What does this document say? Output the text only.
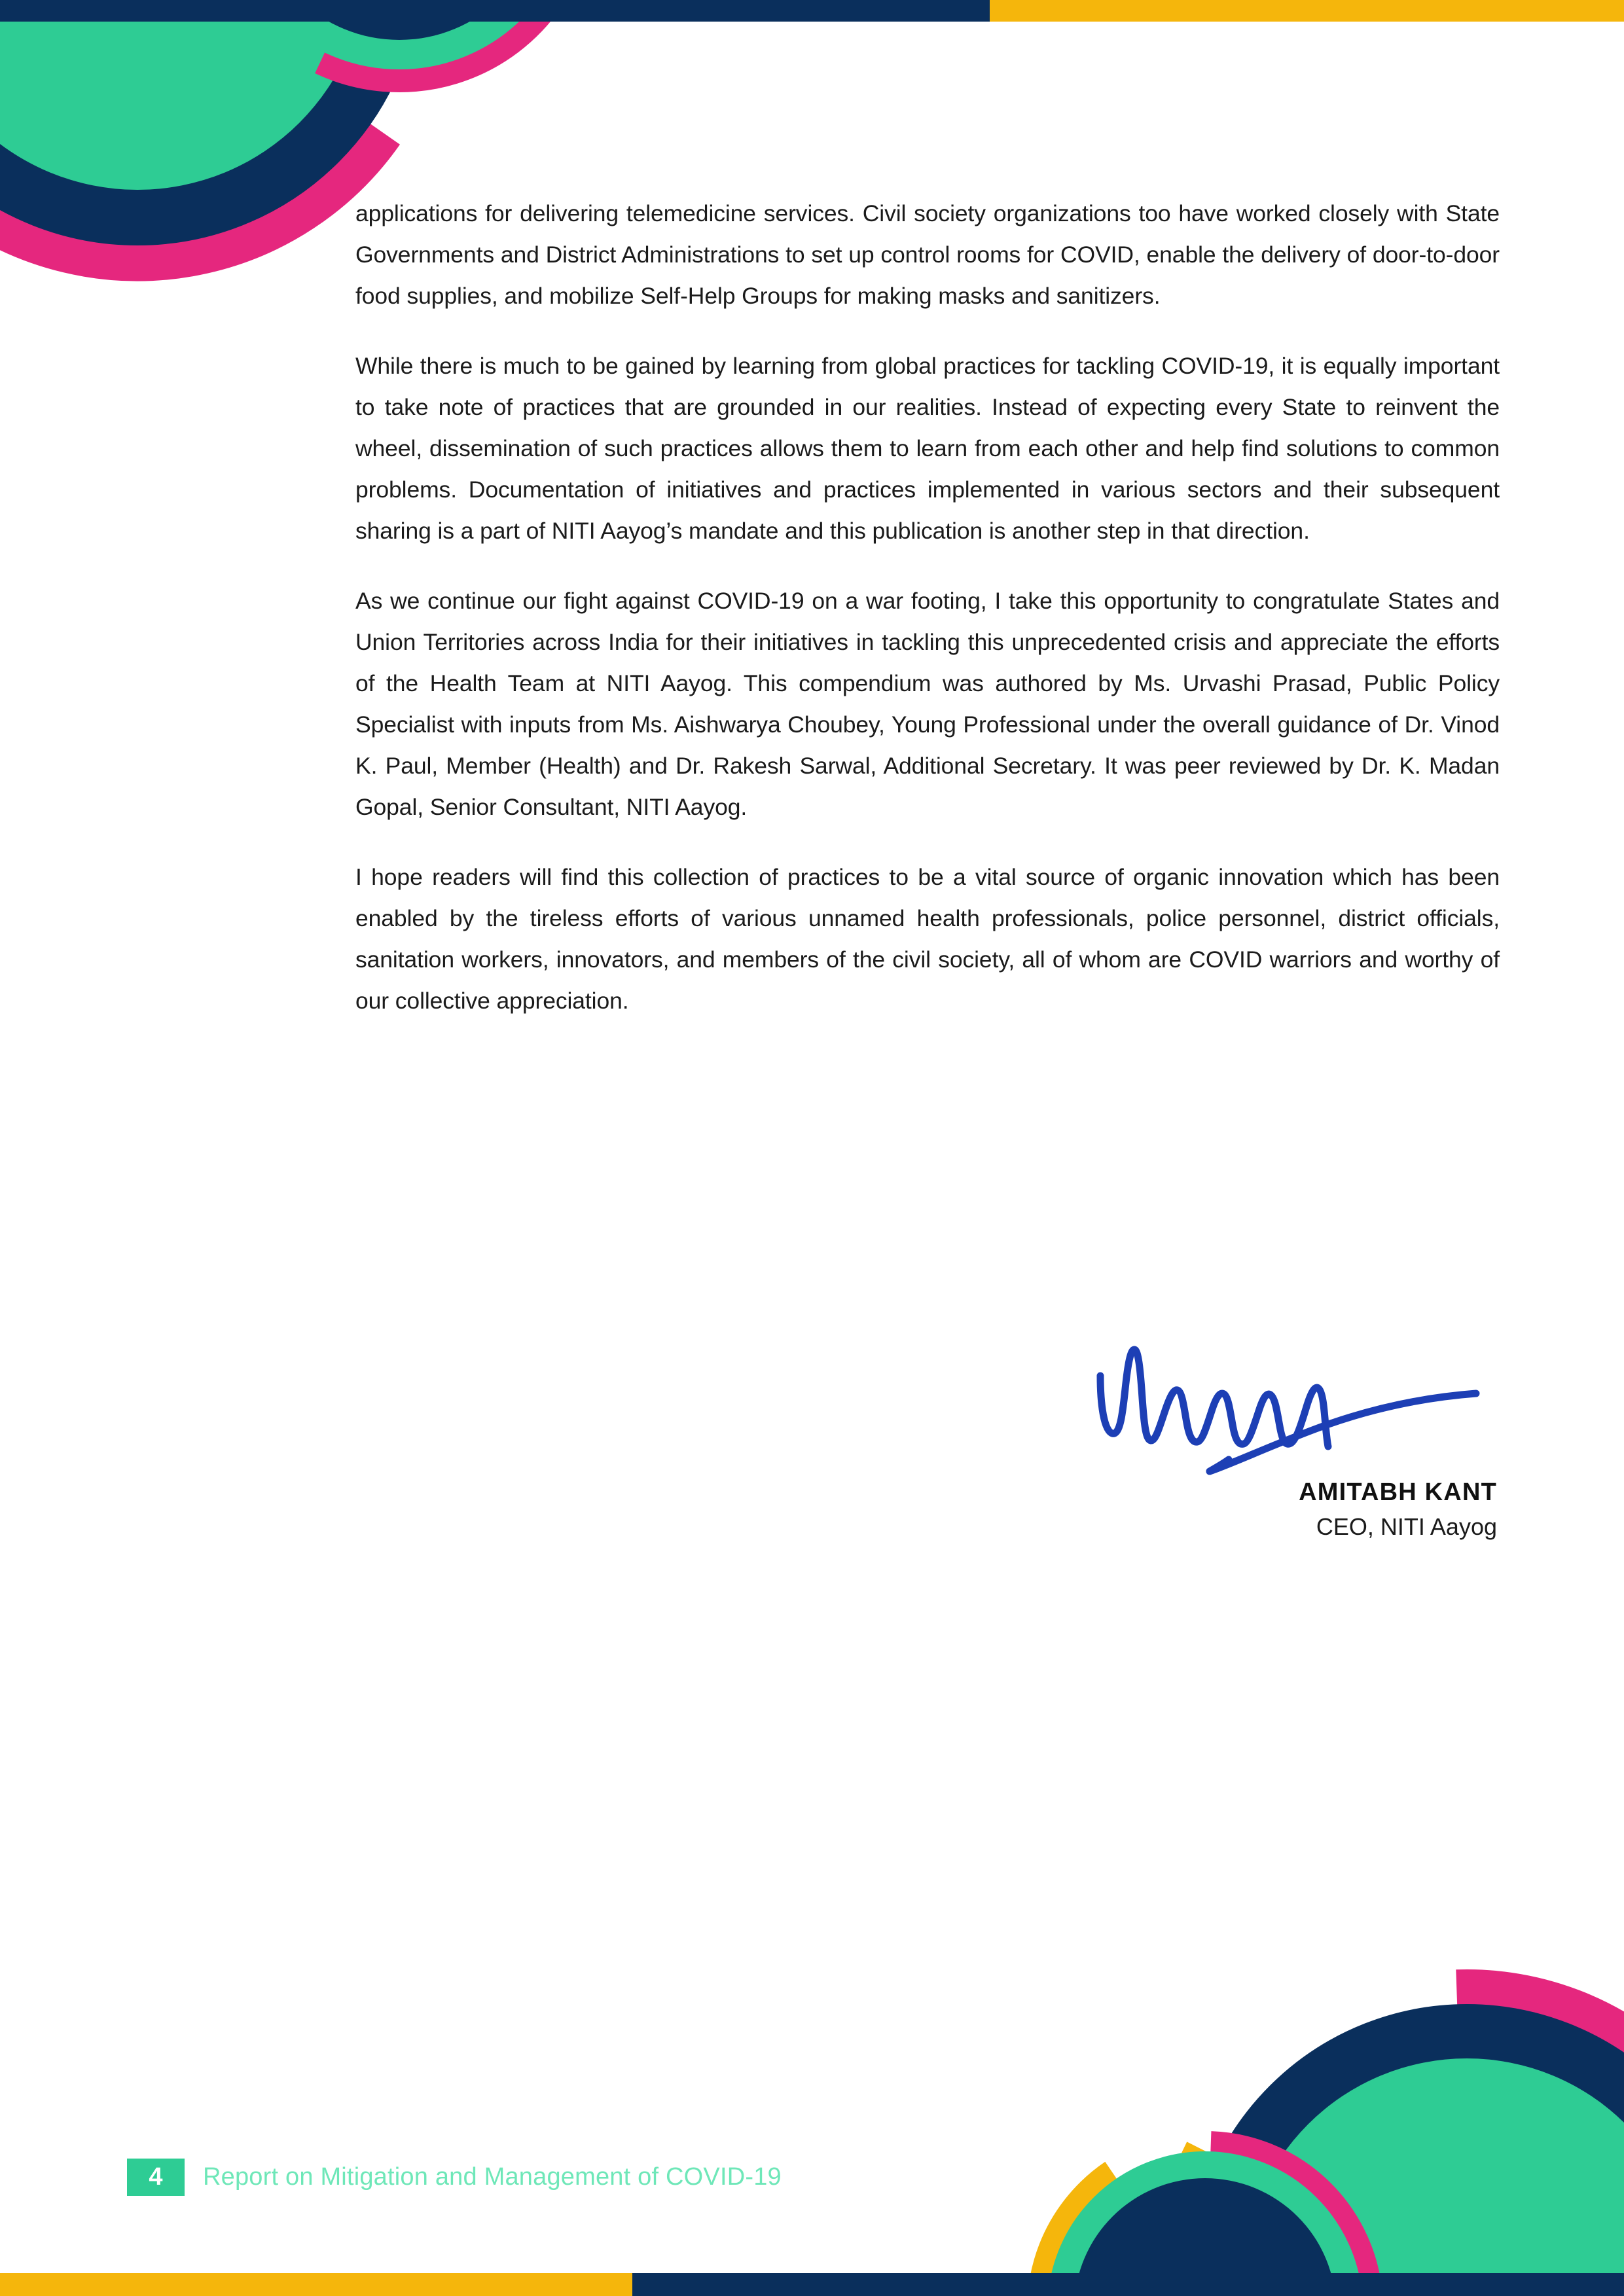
applications for delivering telemedicine services. Civil society organizations too have worked closely with State Governments and District Administrations to set up control rooms for COVID, enable the delivery of door-to-door food supplies, and mobilize Self-Help Groups for making masks and sanitizers.

While there is much to be gained by learning from global practices for tackling COVID-19, it is equally important to take note of practices that are grounded in our realities. Instead of expecting every State to reinvent the wheel, dissemination of such practices allows them to learn from each other and help find solutions to common problems. Documentation of initiatives and practices implemented in various sectors and their subsequent sharing is a part of NITI Aayog’s mandate and this publication is another step in that direction.

As we continue our fight against COVID-19 on a war footing, I take this opportunity to congratulate States and Union Territories across India for their initiatives in tackling this unprecedented crisis and appreciate the efforts of the Health Team at NITI Aayog. This compendium was authored by Ms. Urvashi Prasad, Public Policy Specialist with inputs from Ms. Aishwarya Choubey, Young Professional under the overall guidance of Dr. Vinod K. Paul, Member (Health) and Dr. Rakesh Sarwal, Additional Secretary. It was peer reviewed by Dr. K. Madan Gopal, Senior Consultant, NITI Aayog.

I hope readers will find this collection of practices to be a vital source of organic innovation which has been enabled by the tireless efforts of various unnamed health professionals, police personnel, district officials, sanitation workers, innovators, and members of the civil society, all of whom are COVID warriors and worthy of our collective appreciation.

AMITABH KANT
CEO, NITI Aayog
4	Report on Mitigation and Management of COVID-19
